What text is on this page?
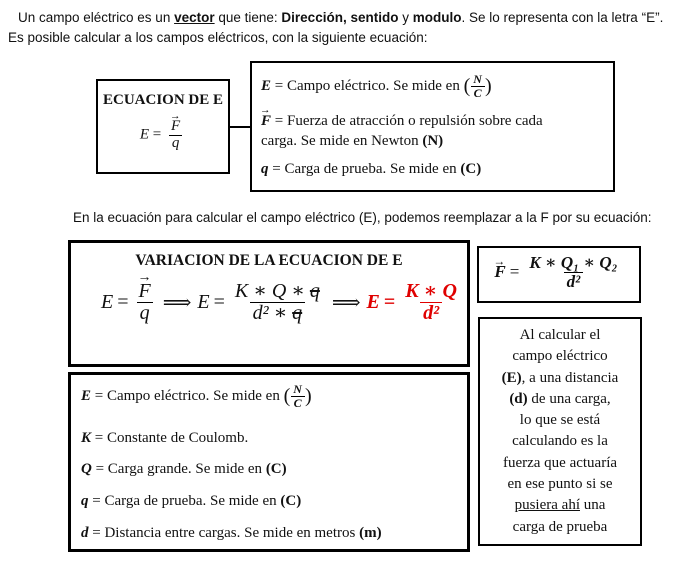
Un campo eléctrico es un vector que tiene: Dirección, sentido y modulo. Se lo representa con la letra “E”. Es posible calcular a los campos eléctricos, con la siguiente ecuación:
ECUACION DE E
E = → $\frac{F}{q}$
E = Campo eléctrico. Se mide en ( $\frac{N}{C}$ )
→ F = Fuerza de atracción o repulsión sobre cada
carga. Se mide en Newton (N)
q = Carga de prueba. Se mide en (C)
En la ecuación para calcular el campo eléctrico (E), podemos reemplazar a la F por su ecuación:
VARIACION DE LA ECUACION DE E
E = → $\frac{F}{q}$ ⟹ $E = \frac{K ∗ Q ∗ q}{\text{d² ∗ q}}$ ⟹ $E = \frac{K ∗ Q}{\text{d²}}$
→ $F = \frac{\text{K ∗ Q₁ ∗ Q₂}}{\text{d²}}$
E = Campo eléctrico. Se mide en ( $\frac{N}{C}$ )
K = Constante de Coulomb.
Q = Carga grande. Se mide en (C)
q = Carga de prueba. Se mide en (C)
d = Distancia entre cargas. Se mide en metros (m)
Al calcular el
campo eléctrico
(E), a una distancia
(d) de una carga,
lo que se está
calculando es la
fuerza que actuaría
en ese punto si se
pusiera ahí una
carga de prueba
